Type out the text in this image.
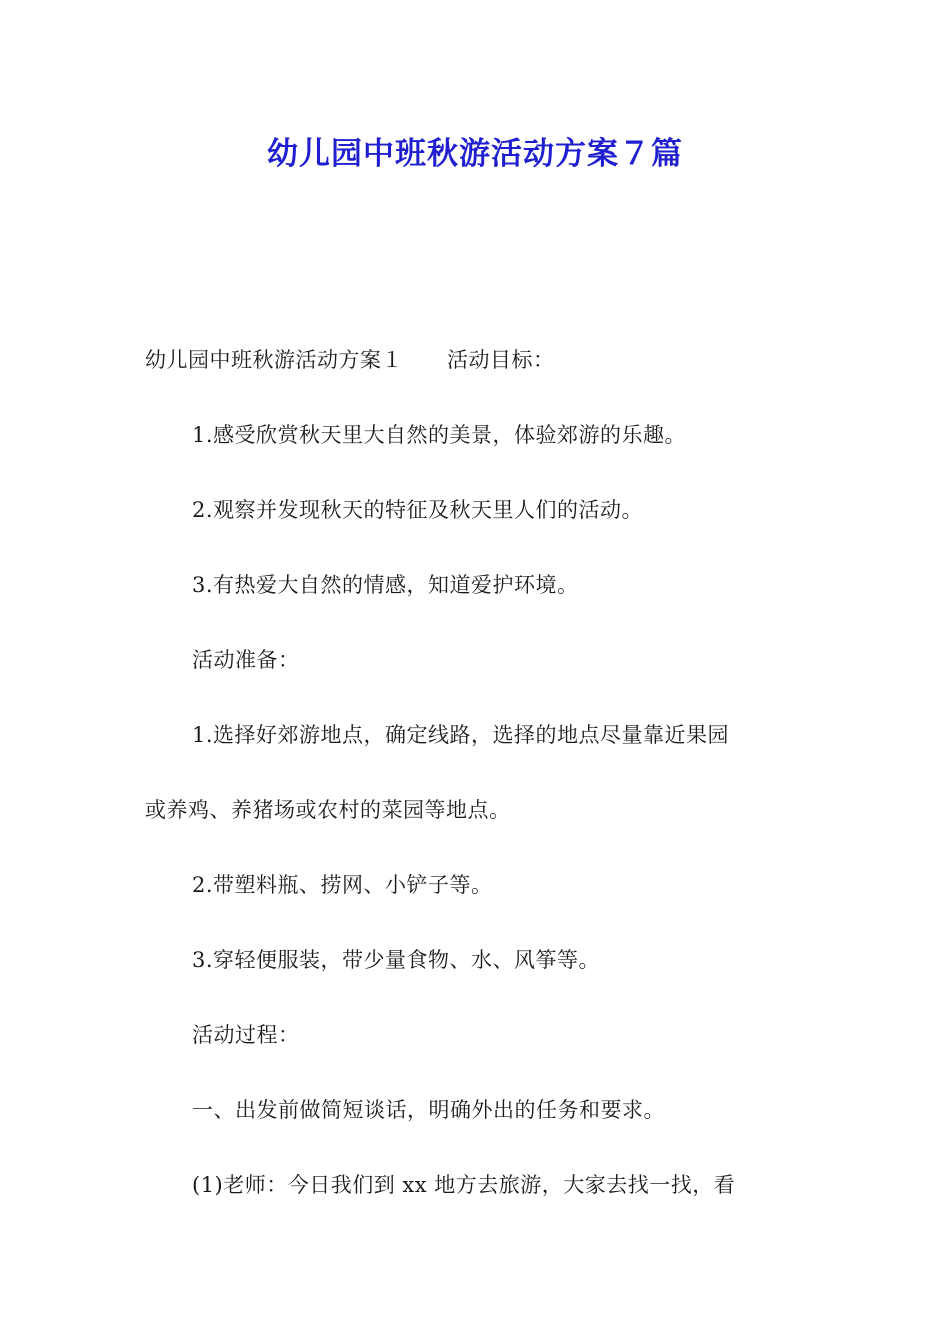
幼儿园中班秋游活动方案７篇
幼儿园中班秋游活动方案１ 活动目标：
1.感受欣赏秋天里大自然的美景，体验郊游的乐趣。
2.观察并发现秋天的特征及秋天里人们的活动。
3.有热爱大自然的情感，知道爱护环境。
活动准备：
1.选择好郊游地点，确定线路，选择的地点尽量靠近果园
或养鸡、养猪场或农村的菜园等地点。
2.带塑料瓶、捞网、小铲子等。
3.穿轻便服装，带少量食物、水、风筝等。
活动过程：
一、出发前做简短谈话，明确外出的任务和要求。
(1)老师：今日我们到 xx 地方去旅游，大家去找一找，看
